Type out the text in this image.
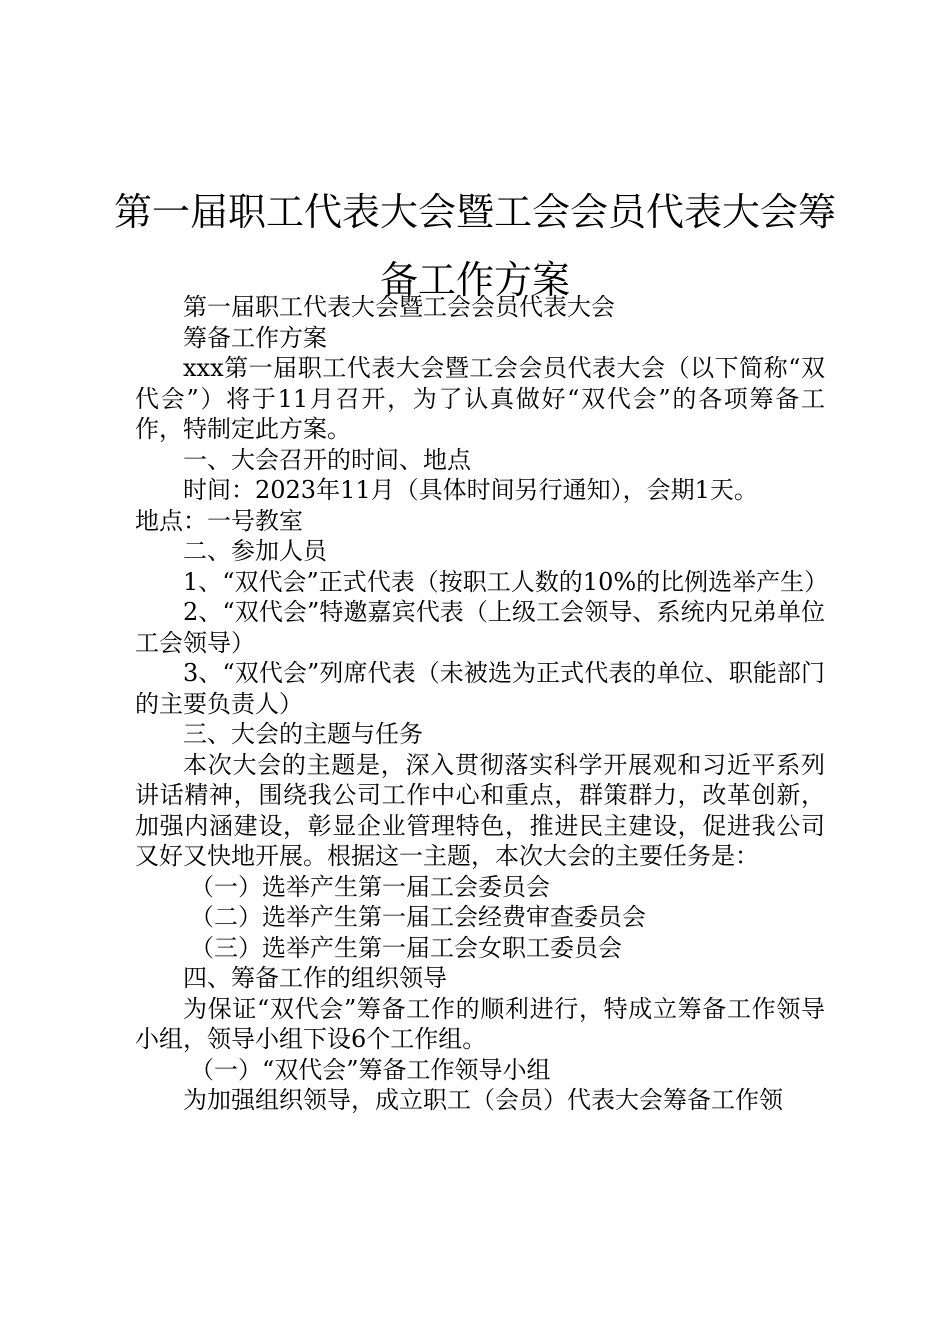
第一届职工代表大会暨工会会员代表大会筹备工作方案

第一届职工代表大会暨工会会员代表大会

筹备工作方案

xxx第一届职工代表大会暨工会会员代表大会（以下简称“双代会”）将于11月召开，为了认真做好“双代会”的各项筹备工作，特制定此方案。

一、大会召开的时间、地点

时间：2023年11月（具体时间另行通知），会期1天。

地点：一号教室

二、参加人员

1、“双代会”正式代表（按职工人数的10%的比例选举产生）

2、“双代会”特邀嘉宾代表（上级工会领导、系统内兄弟单位工会领导）

3、“双代会”列席代表（未被选为正式代表的单位、职能部门的主要负责人）

三、大会的主题与任务

本次大会的主题是，深入贯彻落实科学开展观和习近平系列讲话精神，围绕我公司工作中心和重点，群策群力，改革创新，加强内涵建设，彰显企业管理特色，推进民主建设，促进我公司又好又快地开展。根据这一主题，本次大会的主要任务是：

（一）选举产生第一届工会委员会

（二）选举产生第一届工会经费审查委员会

（三）选举产生第一届工会女职工委员会

四、筹备工作的组织领导

为保证“双代会”筹备工作的顺利进行，特成立筹备工作领导小组，领导小组下设6个工作组。

（一）“双代会”筹备工作领导小组

为加强组织领导，成立职工（会员）代表大会筹备工作领
